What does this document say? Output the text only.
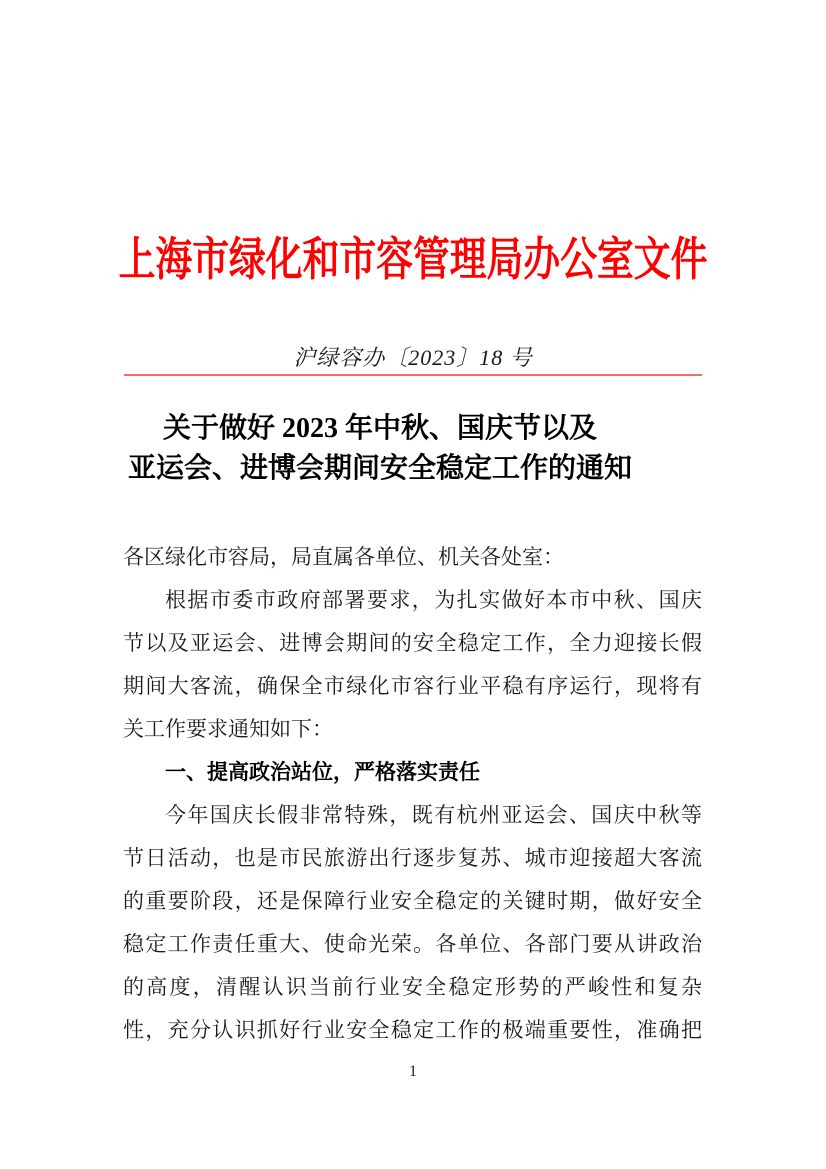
上海市绿化和市容管理局办公室文件
沪绿容办〔2023〕18 号
关于做好 2023 年中秋、国庆节以及
亚运会、进博会期间安全稳定工作的通知
各区绿化市容局，局直属各单位、机关各处室：
根据市委市政府部署要求，为扎实做好本市中秋、国庆
节以及亚运会、进博会期间的安全稳定工作，全力迎接长假
期间大客流，确保全市绿化市容行业平稳有序运行，现将有
关工作要求通知如下：
一、提高政治站位，严格落实责任
今年国庆长假非常特殊，既有杭州亚运会、国庆中秋等
节日活动，也是市民旅游出行逐步复苏、城市迎接超大客流
的重要阶段，还是保障行业安全稳定的关键时期，做好安全
稳定工作责任重大、使命光荣。各单位、各部门要从讲政治
的高度，清醒认识当前行业安全稳定形势的严峻性和复杂
性，充分认识抓好行业安全稳定工作的极端重要性，准确把
1
